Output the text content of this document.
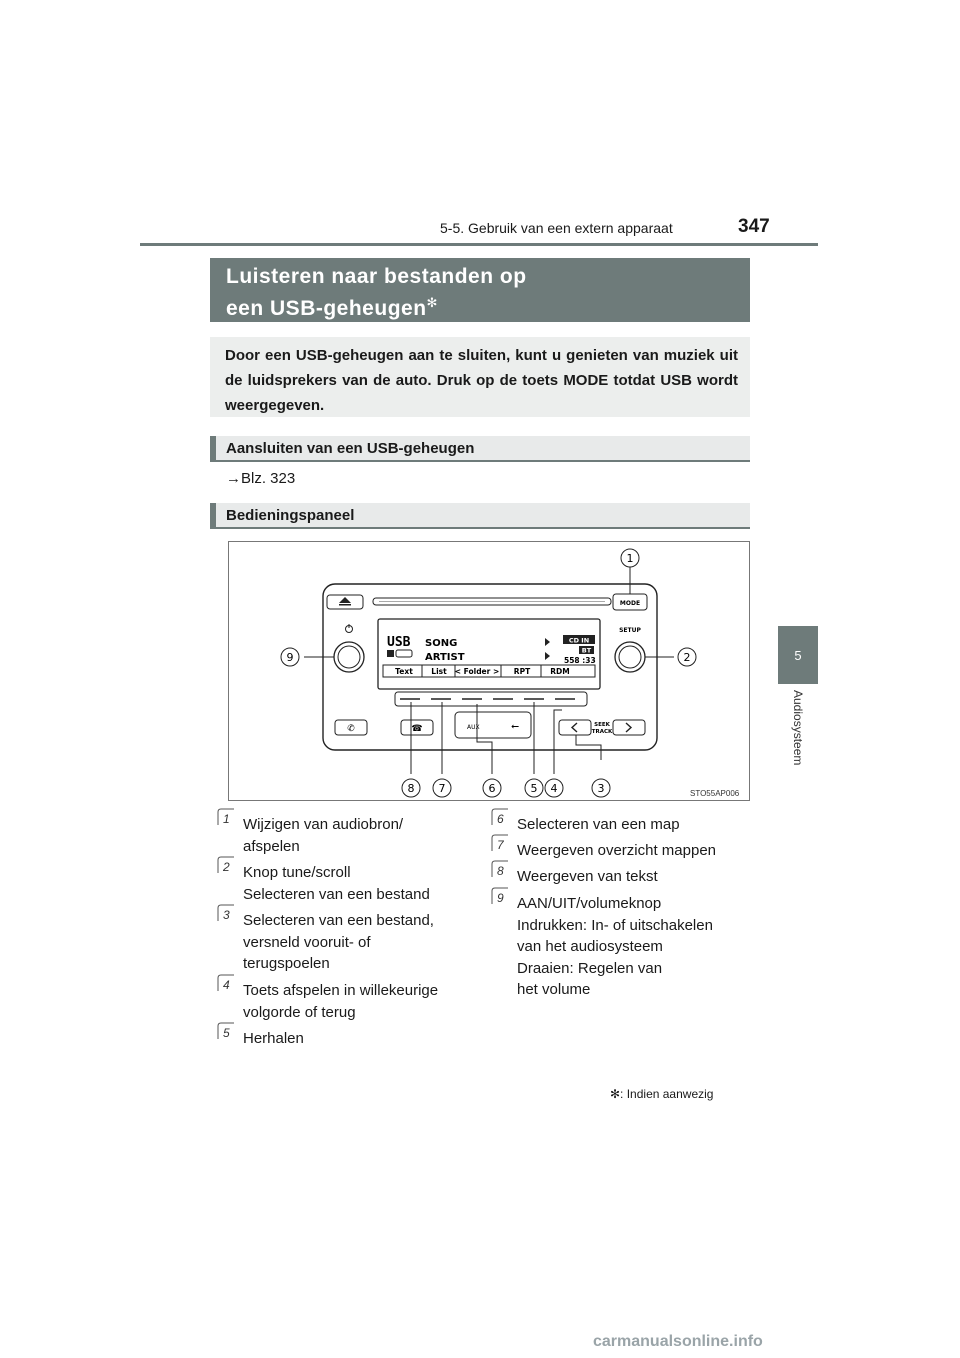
5-5. Gebruik van een extern apparaat	347
5
Audiosysteem
Luisteren naar bestanden op
een USB-geheugen✻
Door een USB-geheugen aan te sluiten, kunt u genieten van muziek uit de luidsprekers van de auto. Druk op de toets MODE totdat USB wordt weergegeven.
Aansluiten van een USB-geheugen
→Blz. 323
Bedieningspaneel
MODE
SETUP
USB SONG
ARTIST
CD IN
BT
558 :33
Text List < Folder > RPT	RDM
✆	☎	AUX	⭠	SEEK
TRACK
1
2
3
4
5
6
7
8
9
STO55AP006
1 Wijzigen van audiobron/
afspelen
2 Knop tune/scroll
Selecteren van een bestand
3 Selecteren van een bestand,
versneld vooruit- of
terugspoelen
4 Toets afspelen in willekeurige
volgorde of terug
5 Herhalen
6 Selecteren van een map
7 Weergeven overzicht mappen
8 Weergeven van tekst
9 AAN/UIT/volumeknop
Indrukken: In- of uitschakelen
van het audiosysteem
Draaien: Regelen van
het volume
✻: Indien aanwezig
carmanualsonline.info
